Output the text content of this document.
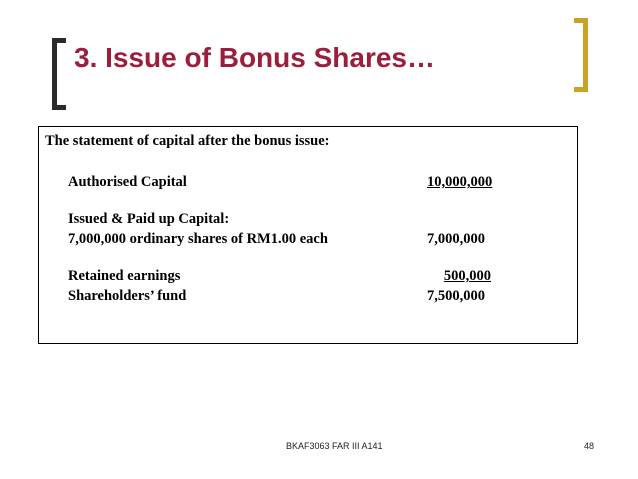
3. Issue of Bonus Shares…
The statement of capital after the bonus issue:
Authorised Capital	10,000,000
Issued & Paid up Capital:
7,000,000 ordinary shares of RM1.00 each	7,000,000
Retained earnings	500,000
Shareholders’ fund	7,500,000
BKAF3063 FAR III A141	48
